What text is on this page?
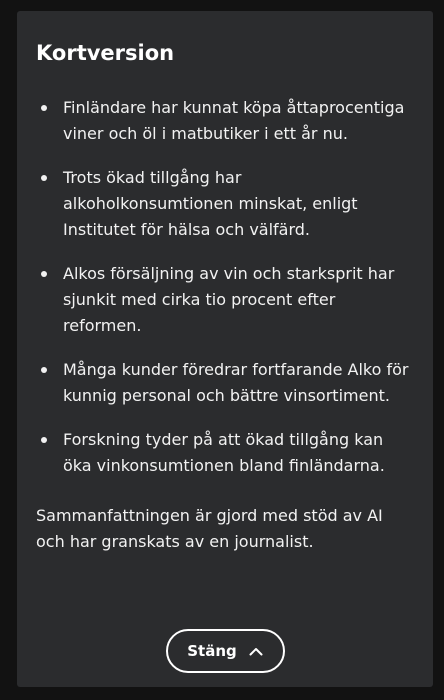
Kortversion
Finländare har kunnat köpa åttaprocentiga viner och öl i matbutiker i ett år nu.
Trots ökad tillgång har alkoholkonsumtionen minskat, enligt Institutet för hälsa och välfärd.
Alkos försäljning av vin och starksprit har sjunkit med cirka tio procent efter reformen.
Många kunder föredrar fortfarande Alko för kunnig personal och bättre vinsortiment.
Forskning tyder på att ökad tillgång kan öka vinkonsumtionen bland finländarna.

Sammanfattningen är gjord med stöd av AI och har granskats av en journalist.

Stäng
